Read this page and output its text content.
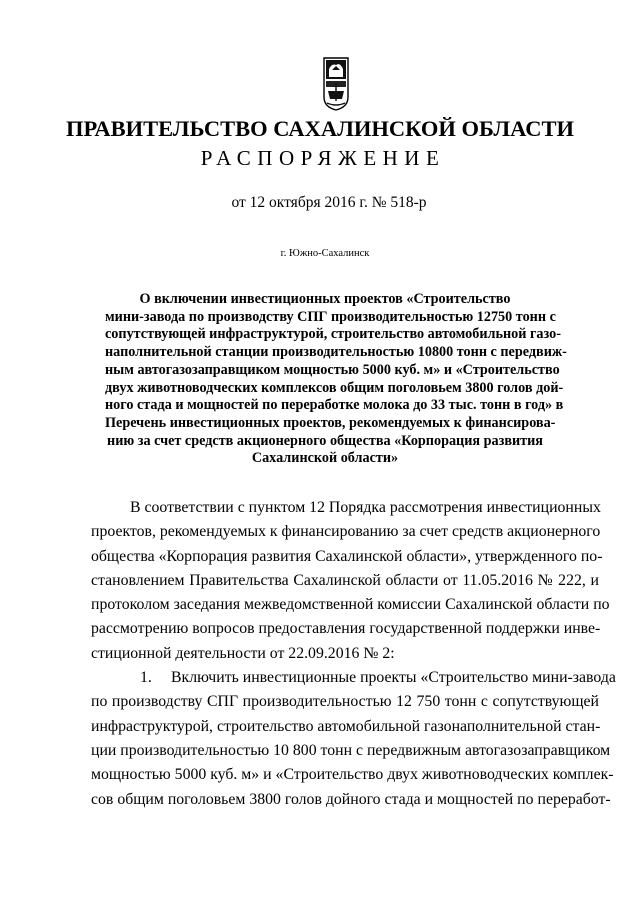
ПРАВИТЕЛЬСТВО САХАЛИНСКОЙ ОБЛАСТИ
РАСПОРЯЖЕНИЕ
от 12 октября 2016 г. № 518-р
г. Южно-Сахалинск
О включении инвестиционных проектов «Строительство
мини-завода по производству СПГ производительностью 12750 тонн с
сопутствующей инфраструктурой, строительство автомобильной газо-
наполнительной станции производительностью 10800 тонн с передвиж-
ным автогазозаправщиком мощностью 5000 куб. м» и «Строительство
двух животноводческих комплексов общим поголовьем 3800 голов дой-
ного стада и мощностей по переработке молока до 33 тыс. тонн в год» в
Перечень инвестиционных проектов, рекомендуемых к финансирова-
нию за счет средств акционерного общества «Корпорация развития
Сахалинской области»
В соответствии с пунктом 12 Порядка рассмотрения инвестиционных
проектов, рекомендуемых к финансированию за счет средств акционерного
общества «Корпорация развития Сахалинской области», утвержденного по-
становлением Правительства Сахалинской области от 11.05.2016 № 222, и
протоколом заседания межведомственной комиссии Сахалинской области по
рассмотрению вопросов предоставления государственной поддержки инве-
стиционной деятельности от 22.09.2016 № 2:
1.	Включить инвестиционные проекты «Строительство мини-завода
по производству СПГ производительностью 12 750 тонн с сопутствующей
инфраструктурой, строительство автомобильной газонаполнительной стан-
ции производительностью 10 800 тонн с передвижным автогазозаправщиком
мощностью 5000 куб. м» и «Строительство двух животноводческих комплек-
сов общим поголовьем 3800 голов дойного стада и мощностей по переработ-
